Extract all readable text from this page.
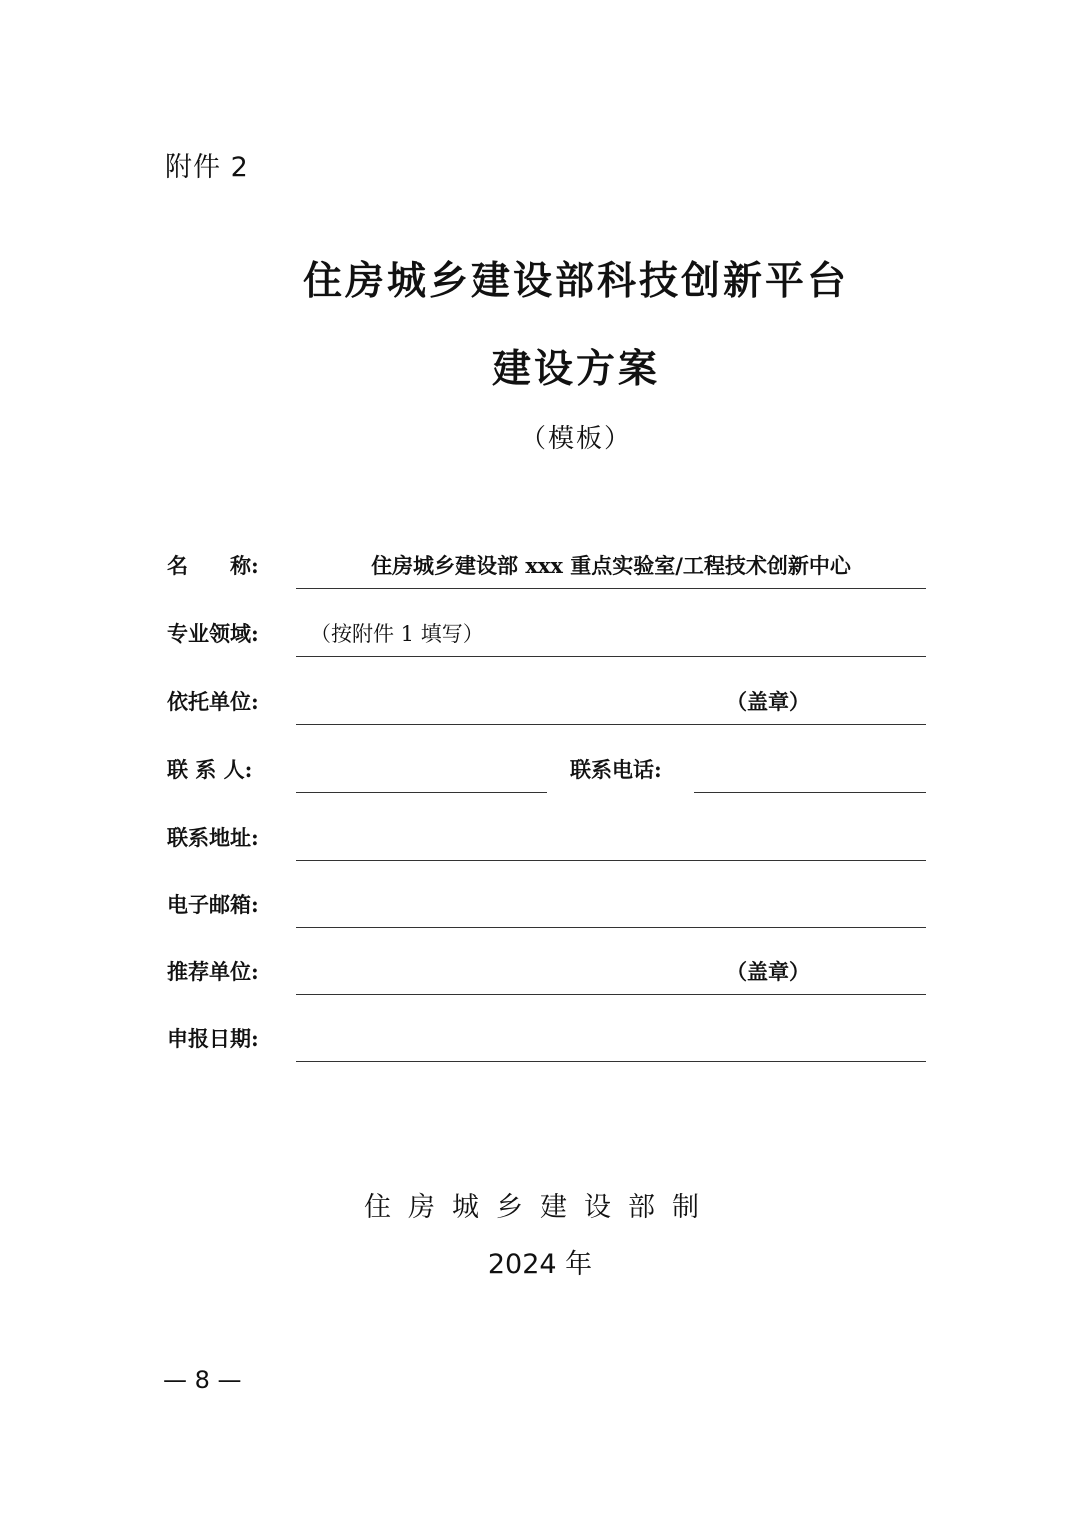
附件 2
住房城乡建设部科技创新平台
建设方案
（模板）
名　　称:	住房城乡建设部 xxx 重点实验室/工程技术创新中心
专业领域: （按附件 1 填写）
依托单位:	（盖章）
联 系 人:	联系电话:
联系地址:
电子邮箱:
推荐单位:	（盖章）
申报日期:
住房城乡建设部制
2024 年
— 8 —
